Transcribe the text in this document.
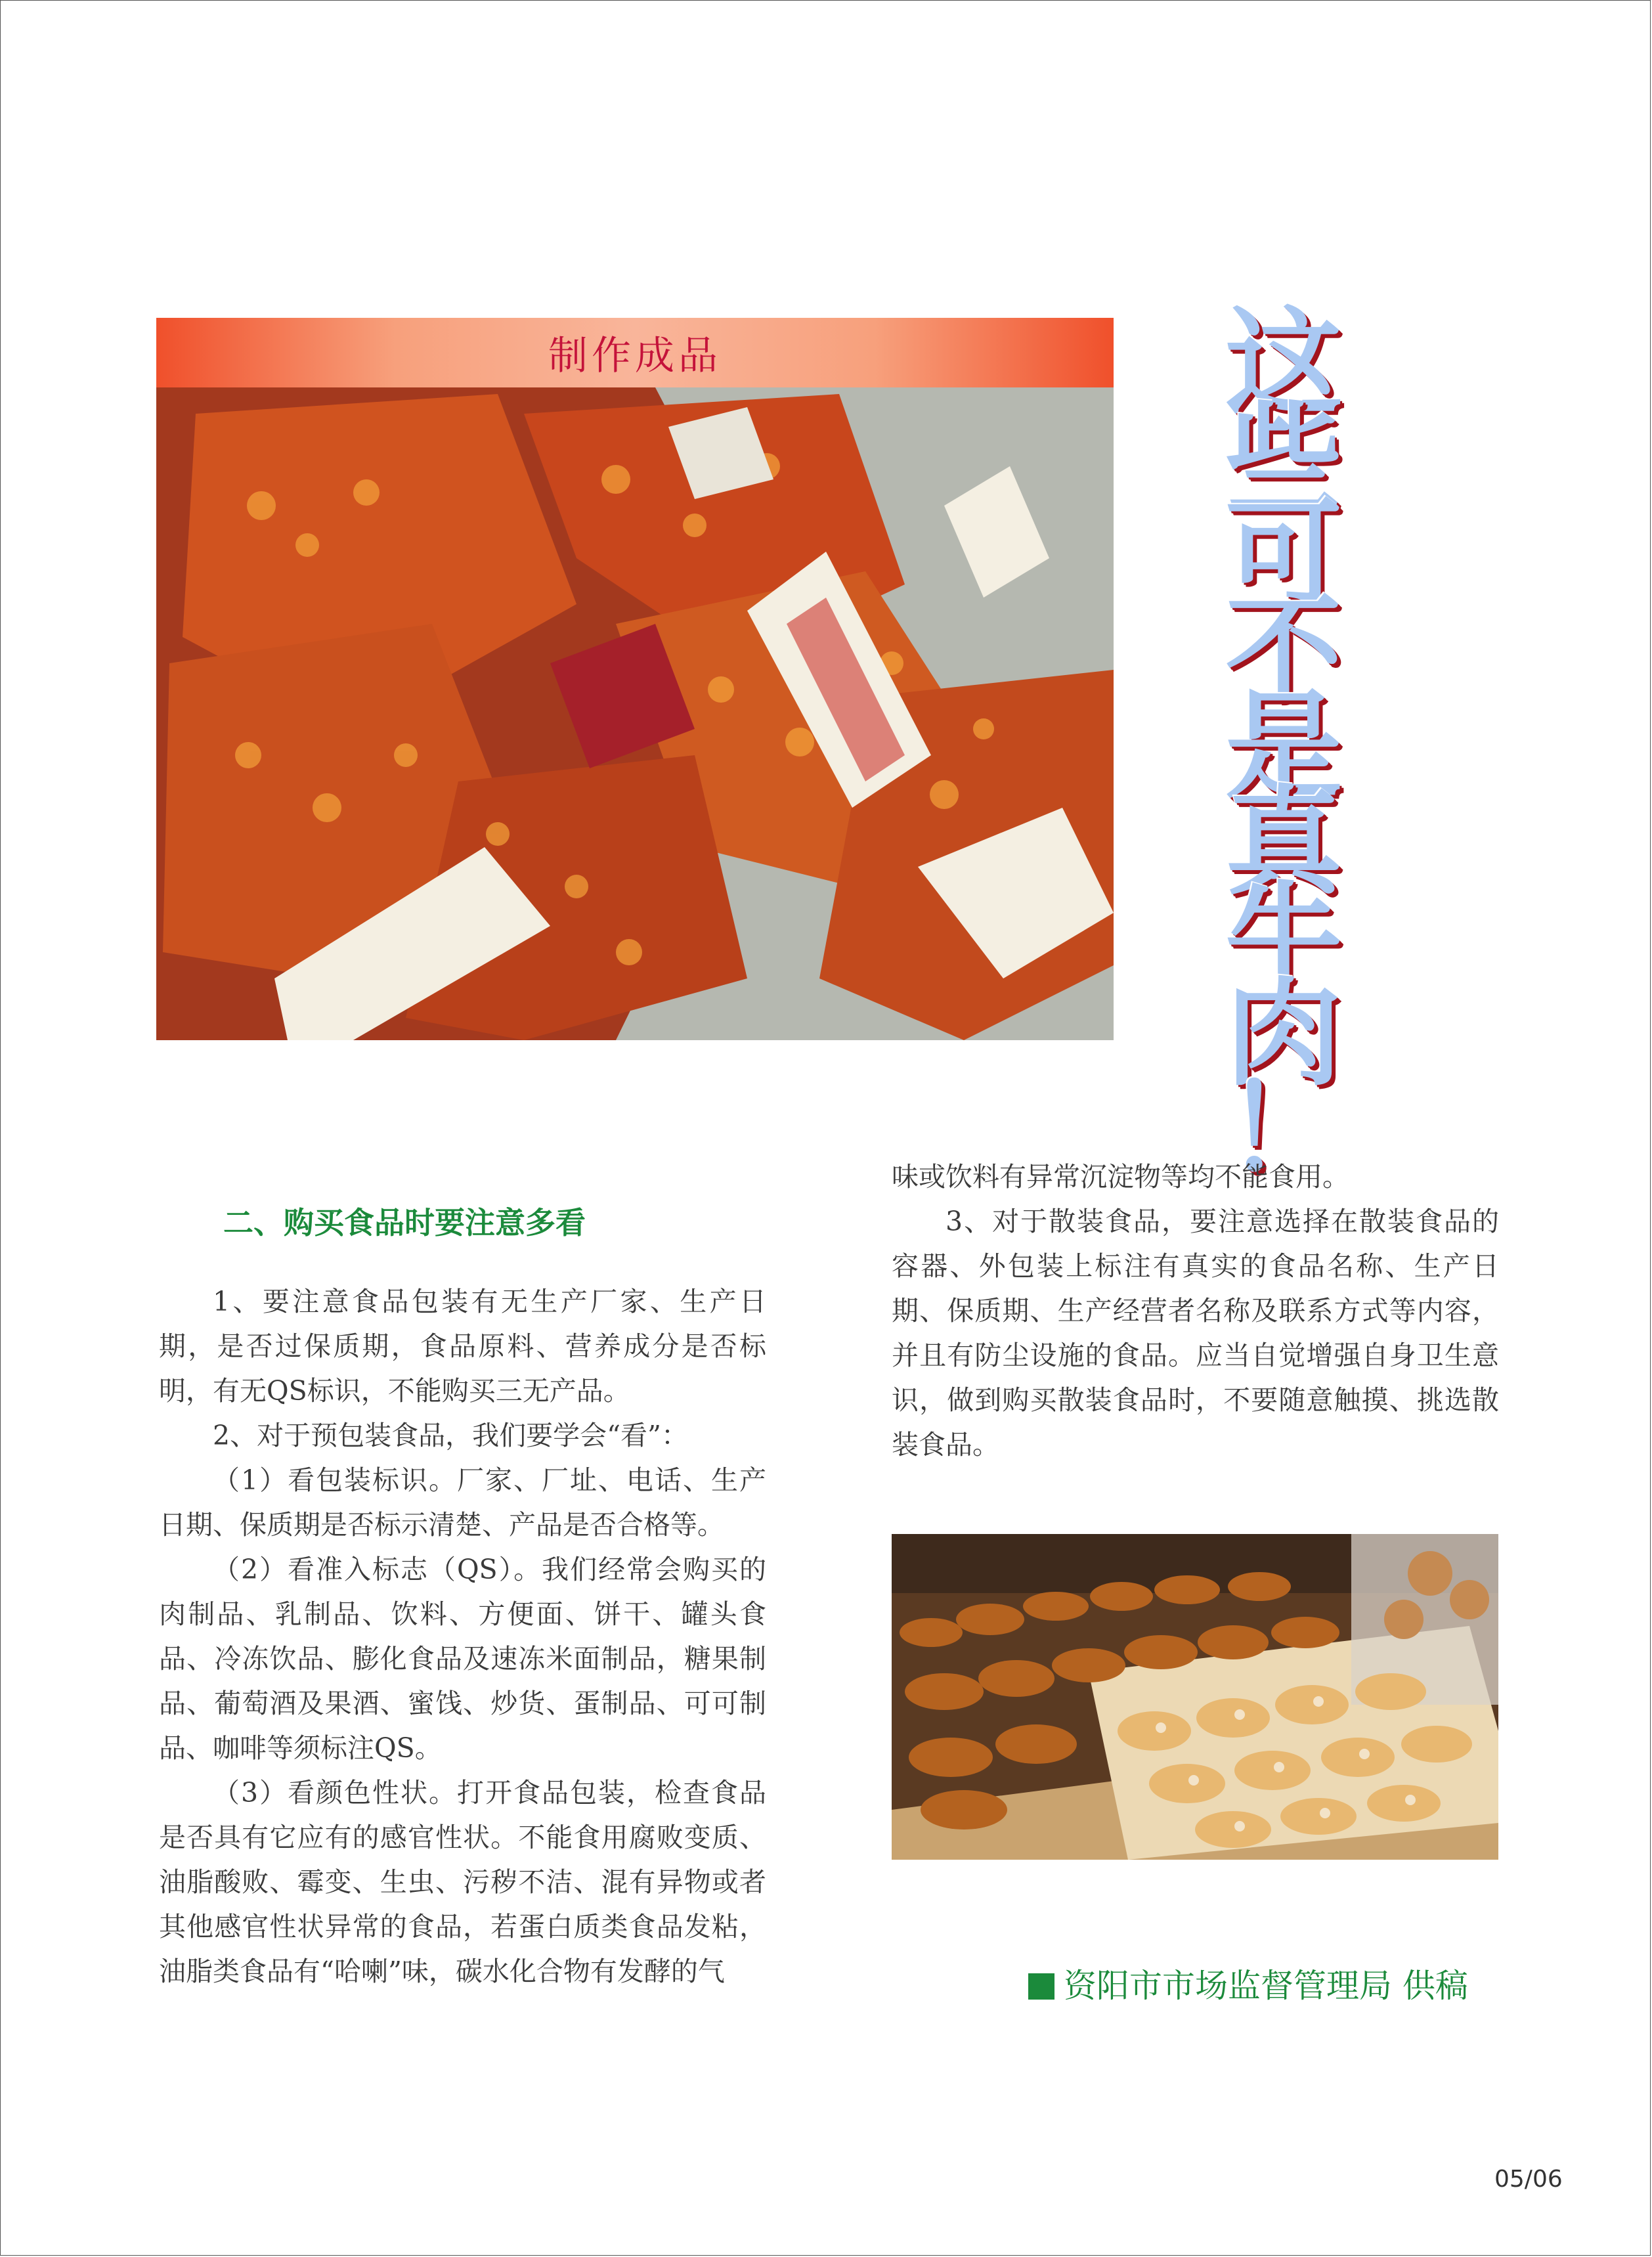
制作成品	这
些
可
不
是
真
牛
肉
！
二、购买食品时要注意多看

1、要注意食品包装有无生产厂家、生产日期，是否过保质期，食品原料、营养成分是否标明，有无QS标识，不能购买三无产品。

2、对于预包装食品，我们要学会“看”：

（1）看包装标识。厂家、厂址、电话、生产日期、保质期是否标示清楚、产品是否合格等。

（2）看准入标志（QS）。我们经常会购买的肉制品、乳制品、饮料、方便面、饼干、罐头食品、冷冻饮品、膨化食品及速冻米面制品，糖果制品、葡萄酒及果酒、蜜饯、炒货、蛋制品、可可制品、咖啡等须标注QS。

（3）看颜色性状。打开食品包装，检查食品是否具有它应有的感官性状。不能食用腐败变质、油脂酸败、霉变、生虫、污秽不洁、混有异物或者其他感官性状异常的食品，若蛋白质类食品发粘，油脂类食品有“哈喇”味，碳水化合物有发酵的气

味或饮料有异常沉淀物等均不能食用。

3、对于散装食品，要注意选择在散装食品的容器、外包装上标注有真实的食品名称、生产日期、保质期、生产经营者名称及联系方式等内容，并且有防尘设施的食品。应当自觉增强自身卫生意识，做到购买散装食品时，不要随意触摸、挑选散装食品。

资阳市市场监督管理局 供稿
05/06
